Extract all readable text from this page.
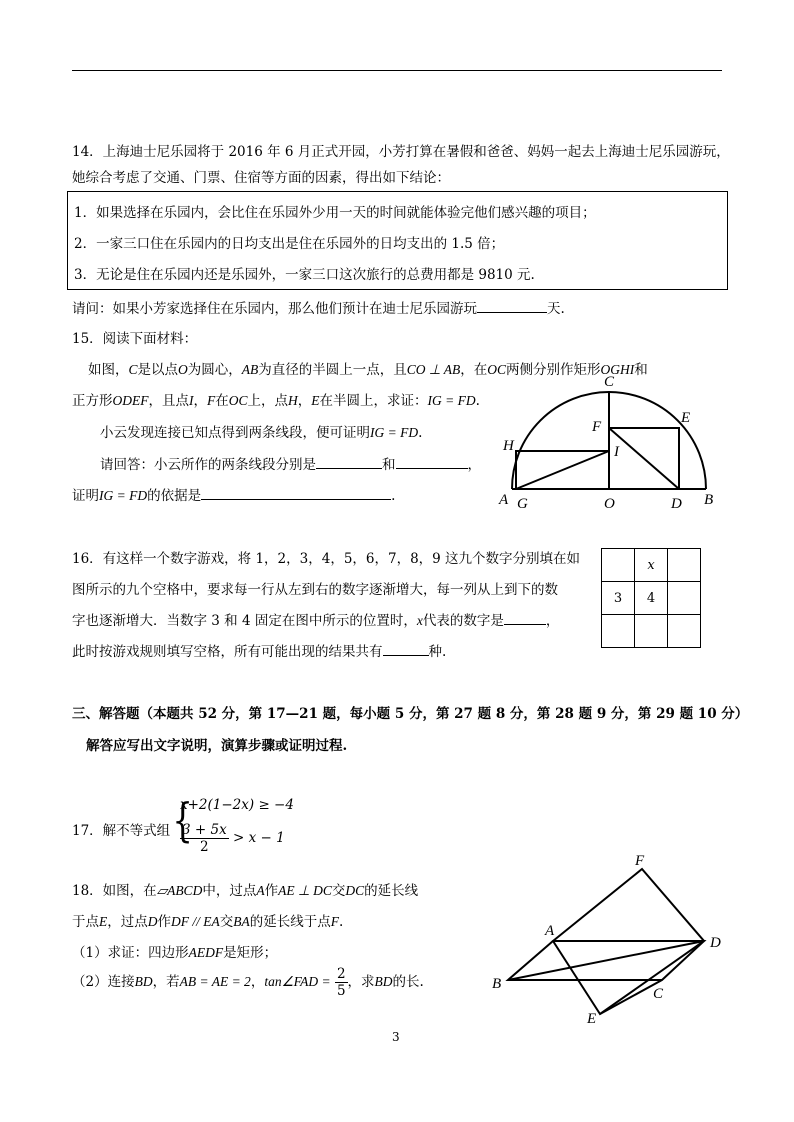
14．上海迪士尼乐园将于 2016 年 6 月正式开园，小芳打算在暑假和爸爸、妈妈一起去上海迪士尼乐园游玩，
她综合考虑了交通、门票、住宿等方面的因素，得出如下结论：
1．如果选择在乐园内，会比住在乐园外少用一天的时间就能体验完他们感兴趣的项目；
2．一家三口住在乐园内的日均支出是住在乐园外的日均支出的 1.5 倍；
3．无论是住在乐园内还是乐园外，一家三口这次旅行的总费用都是 9810 元.
请问：如果小芳家选择住在乐园内，那么他们预计在迪士尼乐园游玩	天.
15．阅读下面材料：
如图，C是以点O为圆心，AB为直径的半圆上一点，且CO ⊥ AB，在OC两侧分别作矩形OGHI和
正方形ODEF，且点I，F在OC上，点H，E在半圆上，求证：IG = FD.
小云发现连接已知点得到两条线段，便可证明IG = FD.
请回答：小云所作的两条线段分别是	和	，
证明IG = FD的依据是	.
C
F
E
H	I
A G	O	D B
16．有这样一个数字游戏，将 1，2，3，4，5，6，7，8，9 这九个数字分别填在如
图所示的九个空格中，要求每一行从左到右的数字逐渐增大，每一列从上到下的数
字也逐渐增大．当数字 3 和 4 固定在图中所示的位置时，x代表的数字是	，
此时按游戏规则填写空格，所有可能出现的结果共有	种.
	x	
3	4	

三、解答题（本题共 52 分，第 17—21 题，每小题 5 分，第 27 题 8 分，第 28 题 9 分，第 29 题 10 分）
解答应写出文字说明，演算步骤或证明过程.
17．解不等式组 {
x+2(1−2x) ≥ −4
$\frac{3 + 5x}{2} > x - 1$
18．如图，在▱ABCD中，过点A作AE ⊥ DC交DC的延长线
于点E，过点D作DF // EA交BA的延长线于点F.
（1）求证：四边形AEDF是矩形；
（2）连接BD，若AB = AE = 2，tan∠FAD = $\frac{2}{5}$ ，求BD的长.
F
A
D
B
C
E
3
